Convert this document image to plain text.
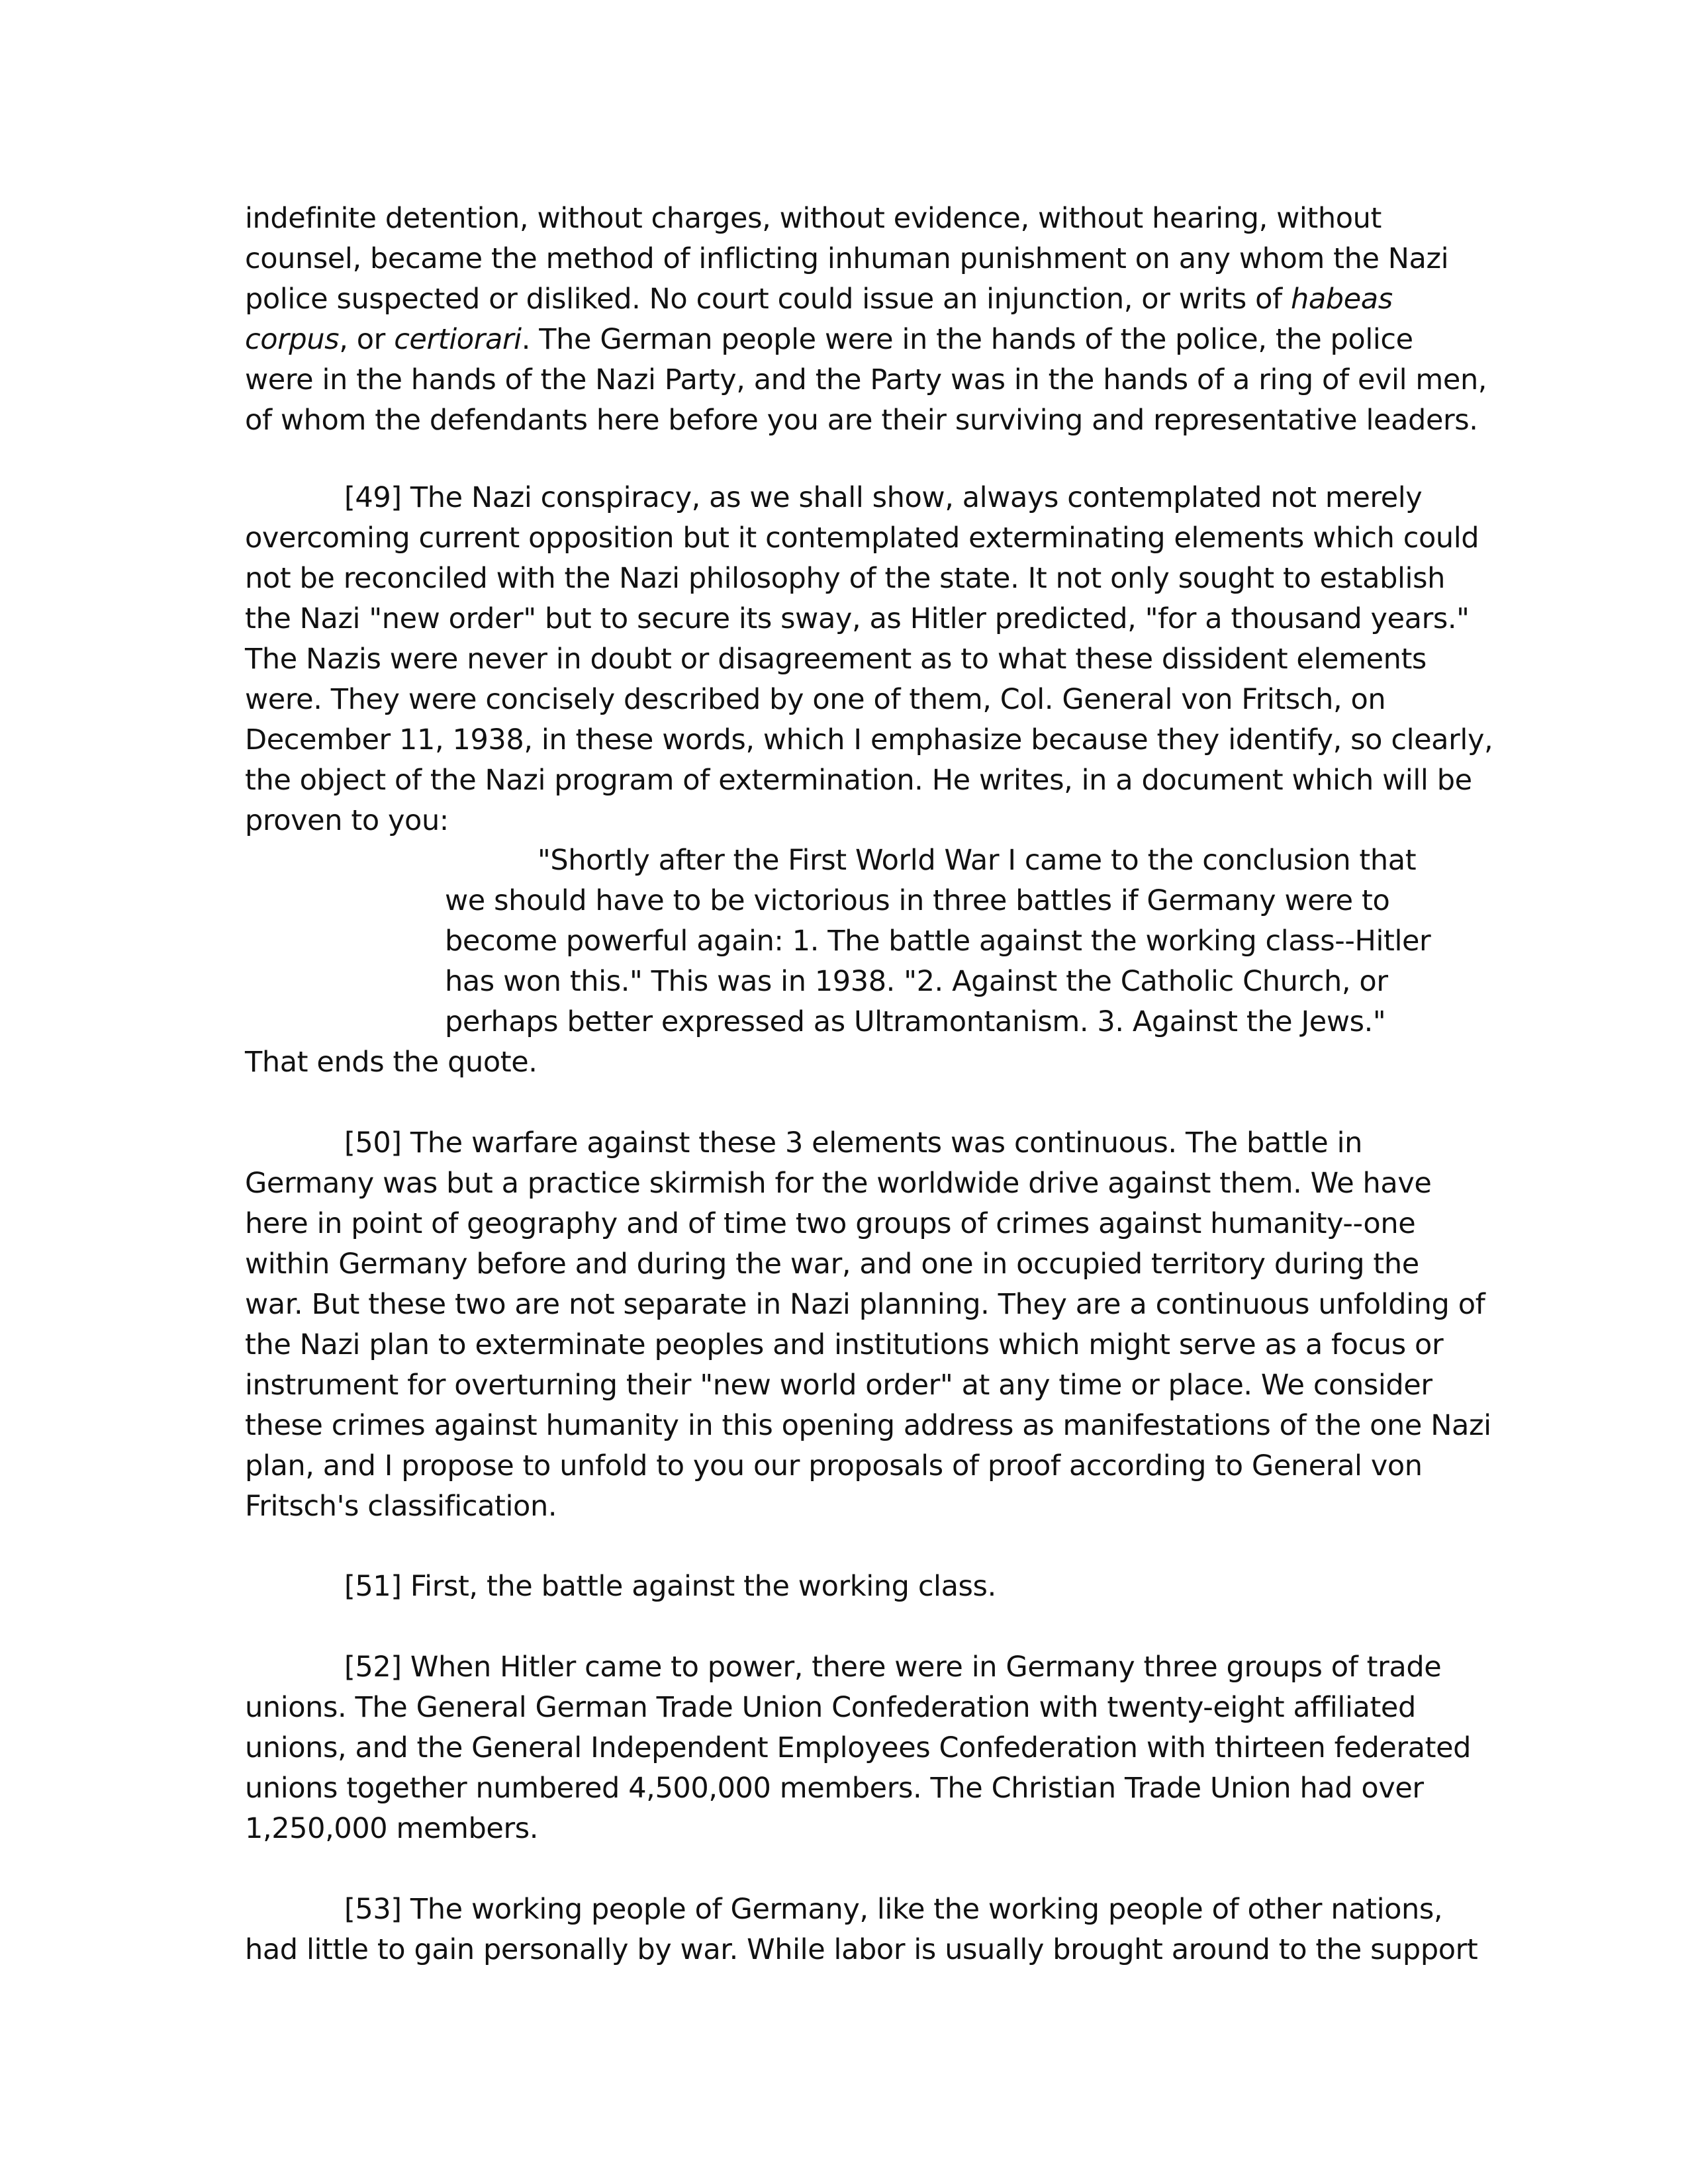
indefinite detention, without charges, without evidence, without hearing, without
counsel, became the method of inflicting inhuman punishment on any whom the Nazi
police suspected or disliked. No court could issue an injunction, or writs of habeas
corpus, or certiorari. The German people were in the hands of the police, the police
were in the hands of the Nazi Party, and the Party was in the hands of a ring of evil men,
of whom the defendants here before you are their surviving and representative leaders.
[49] The Nazi conspiracy, as we shall show, always contemplated not merely
overcoming current opposition but it contemplated exterminating elements which could
not be reconciled with the Nazi philosophy of the state. It not only sought to establish
the Nazi "new order" but to secure its sway, as Hitler predicted, "for a thousand years."
The Nazis were never in doubt or disagreement as to what these dissident elements
were. They were concisely described by one of them, Col. General von Fritsch, on
December 11, 1938, in these words, which I emphasize because they identify, so clearly,
the object of the Nazi program of extermination. He writes, in a document which will be
proven to you:
"Shortly after the First World War I came to the conclusion that
we should have to be victorious in three battles if Germany were to
become powerful again: 1. The battle against the working class--Hitler
has won this." This was in 1938. "2. Against the Catholic Church, or
perhaps better expressed as Ultramontanism. 3. Against the Jews."
That ends the quote.
[50] The warfare against these 3 elements was continuous. The battle in
Germany was but a practice skirmish for the worldwide drive against them. We have
here in point of geography and of time two groups of crimes against humanity--one
within Germany before and during the war, and one in occupied territory during the
war. But these two are not separate in Nazi planning. They are a continuous unfolding of
the Nazi plan to exterminate peoples and institutions which might serve as a focus or
instrument for overturning their "new world order" at any time or place. We consider
these crimes against humanity in this opening address as manifestations of the one Nazi
plan, and I propose to unfold to you our proposals of proof according to General von
Fritsch's classification.
[51] First, the battle against the working class.
[52] When Hitler came to power, there were in Germany three groups of trade
unions. The General German Trade Union Confederation with twenty-eight affiliated
unions, and the General Independent Employees Confederation with thirteen federated
unions together numbered 4,500,000 members. The Christian Trade Union had over
1,250,000 members.
[53] The working people of Germany, like the working people of other nations,
had little to gain personally by war. While labor is usually brought around to the support
